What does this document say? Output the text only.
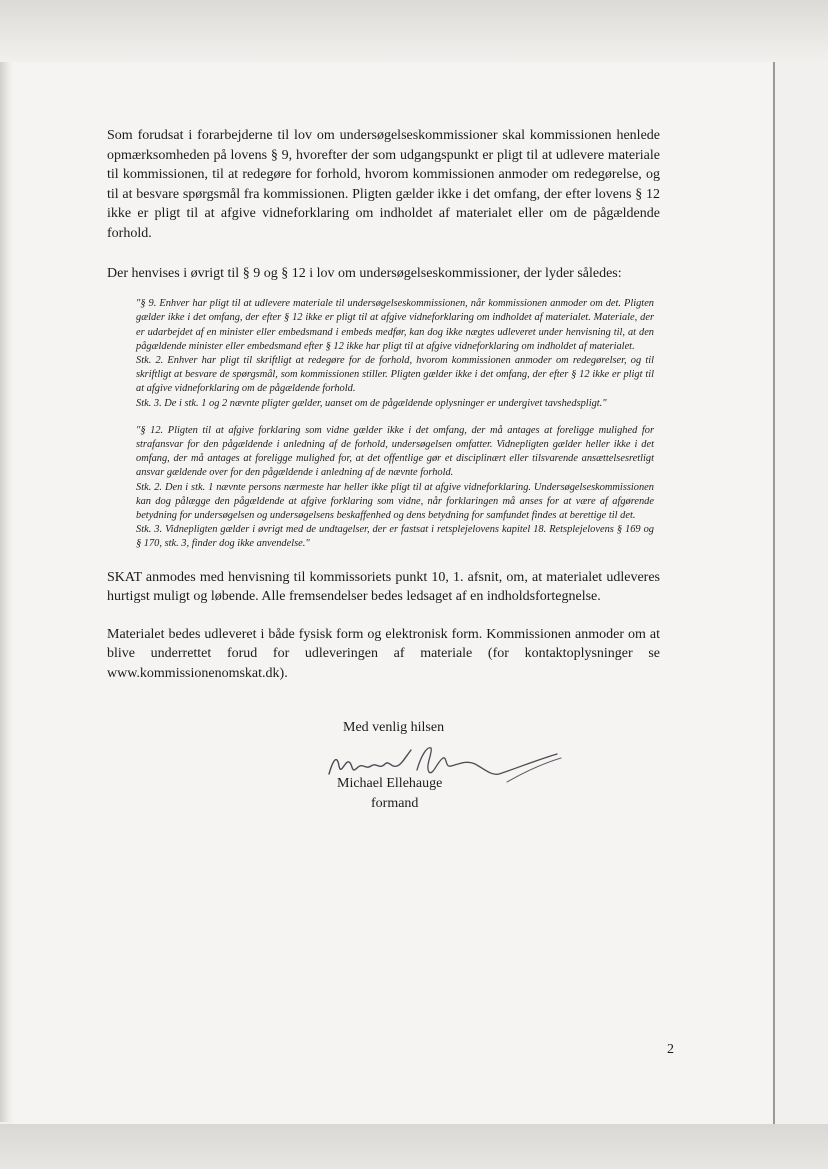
Som forudsat i forarbejderne til lov om undersøgelseskommissioner skal kommissionen henlede opmærksomheden på lovens § 9, hvorefter der som udgangspunkt er pligt til at udlevere materiale til kommissionen, til at redegøre for forhold, hvorom kommissionen anmoder om redegørelse, og til at besvare spørgsmål fra kommissionen. Pligten gælder ikke i det omfang, der efter lovens § 12 ikke er pligt til at afgive vidneforklaring om indholdet af materialet eller om de pågældende forhold.

Der henvises i øvrigt til § 9 og § 12 i lov om undersøgelseskommissioner, der lyder således:

"§ 9. Enhver har pligt til at udlevere materiale til undersøgelseskommissionen, når kommissionen anmoder om det. Pligten gælder ikke i det omfang, der efter § 12 ikke er pligt til at afgive vidneforklaring om indholdet af materialet. Materiale, der er udarbejdet af en minister eller embedsmand i embeds medfør, kan dog ikke nægtes udleveret under henvisning til, at den pågældende minister eller embedsmand efter § 12 ikke har pligt til at afgive vidneforklaring om indholdet af materialet.

Stk. 2. Enhver har pligt til skriftligt at redegøre for de forhold, hvorom kommissionen anmoder om redegørelser, og til skriftligt at besvare de spørgsmål, som kommissionen stiller. Pligten gælder ikke i det omfang, der efter § 12 ikke er pligt til at afgive vidneforklaring om de pågældende forhold.

Stk. 3. De i stk. 1 og 2 nævnte pligter gælder, uanset om de pågældende oplysninger er undergivet tavshedspligt."

"§ 12. Pligten til at afgive forklaring som vidne gælder ikke i det omfang, der må antages at foreligge mulighed for strafansvar for den pågældende i anledning af de forhold, undersøgelsen omfatter. Vidnepligten gælder heller ikke i det omfang, der må antages at foreligge mulighed for, at det offentlige gør et disciplinært eller tilsvarende ansættelsesretligt ansvar gældende over for den pågældende i anledning af de nævnte forhold.

Stk. 2. Den i stk. 1 nævnte persons nærmeste har heller ikke pligt til at afgive vidneforklaring. Undersøgelseskommissionen kan dog pålægge den pågældende at afgive forklaring som vidne, når forklaringen må anses for at være af afgørende betydning for undersøgelsen og undersøgelsens beskaffenhed og dens betydning for samfundet findes at berettige til det.

Stk. 3. Vidnepligten gælder i øvrigt med de undtagelser, der er fastsat i retsplejelovens kapitel 18. Retsplejelovens § 169 og § 170, stk. 3, finder dog ikke anvendelse."

SKAT anmodes med henvisning til kommissoriets punkt 10, 1. afsnit, om, at materialet udleveres hurtigst muligt og løbende. Alle fremsendelser bedes ledsaget af en indholdsfortegnelse.

Materialet bedes udleveret i både fysisk form og elektronisk form. Kommissionen anmoder om at blive underrettet forud for udleveringen af materiale (for kontaktoplysninger se www.kommissionenomskat.dk).

Med venlig hilsen
Michael Ellehauge
formand
2
